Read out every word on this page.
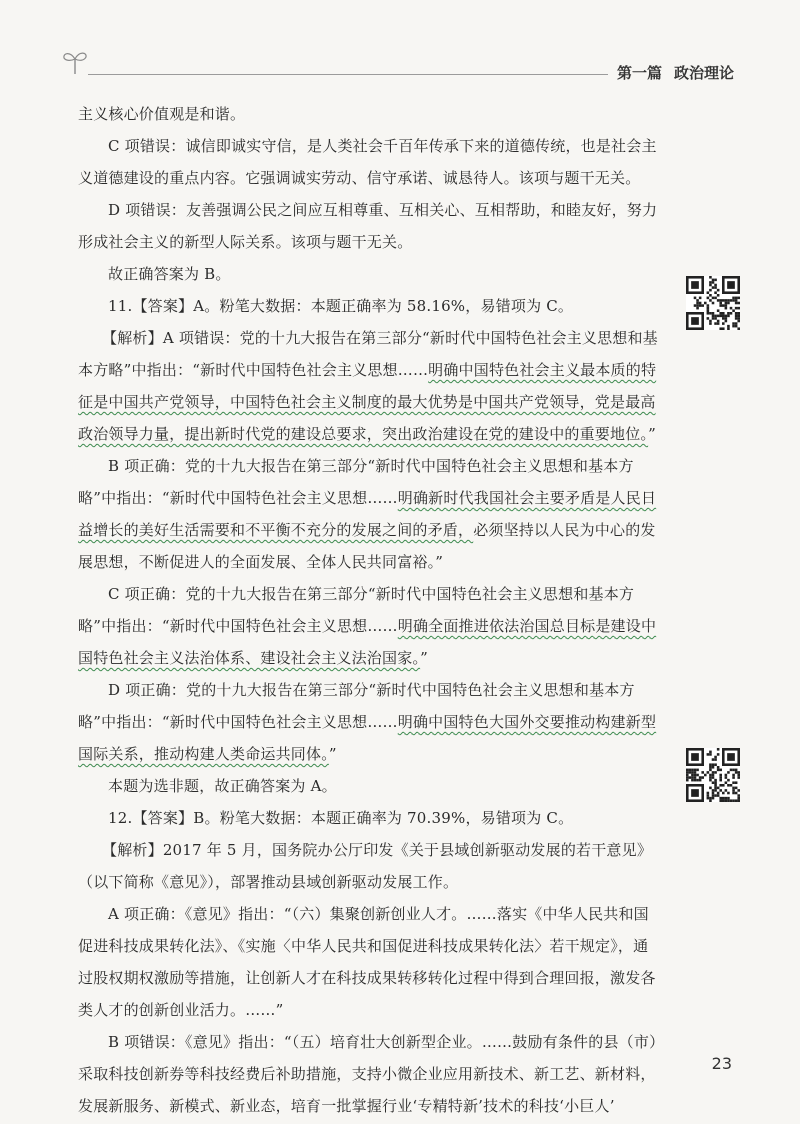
第一篇 政治理论

主义核心价值观是和谐。

C 项错误：诚信即诚实守信，是人类社会千百年传承下来的道德传统，也是社会主义道德建设的重点内容。它强调诚实劳动、信守承诺、诚恳待人。该项与题干无关。

D 项错误：友善强调公民之间应互相尊重、互相关心、互相帮助，和睦友好，努力形成社会主义的新型人际关系。该项与题干无关。

故正确答案为 B。

11.【答案】A。粉笔大数据：本题正确率为 58.16%，易错项为 C。

【解析】A 项错误：党的十九大报告在第三部分“新时代中国特色社会主义思想和基本方略”中指出：“新时代中国特色社会主义思想……明确中国特色社会主义最本质的特征是中国共产党领导，中国特色社会主义制度的最大优势是中国共产党领导，党是最高政治领导力量，提出新时代党的建设总要求，突出政治建设在党的建设中的重要地位。”

B 项正确：党的十九大报告在第三部分“新时代中国特色社会主义思想和基本方略”中指出：“新时代中国特色社会主义思想……明确新时代我国社会主要矛盾是人民日益增长的美好生活需要和不平衡不充分的发展之间的矛盾，必须坚持以人民为中心的发展思想，不断促进人的全面发展、全体人民共同富裕。”

C 项正确：党的十九大报告在第三部分“新时代中国特色社会主义思想和基本方略”中指出：“新时代中国特色社会主义思想……明确全面推进依法治国总目标是建设中国特色社会主义法治体系、建设社会主义法治国家。”

D 项正确：党的十九大报告在第三部分“新时代中国特色社会主义思想和基本方略”中指出：“新时代中国特色社会主义思想……明确中国特色大国外交要推动构建新型国际关系，推动构建人类命运共同体。”

本题为选非题，故正确答案为 A。

12.【答案】B。粉笔大数据：本题正确率为 70.39%，易错项为 C。

【解析】2017 年 5 月，国务院办公厅印发《关于县域创新驱动发展的若干意见》（以下简称《意见》），部署推动县域创新驱动发展工作。

A 项正确：《意见》指出：“（六）集聚创新创业人才。……落实《中华人民共和国促进科技成果转化法》、《实施〈中华人民共和国促进科技成果转化法〉若干规定》，通过股权期权激励等措施，让创新人才在科技成果转移转化过程中得到合理回报，激发各类人才的创新创业活力。……”

B 项错误：《意见》指出：“（五）培育壮大创新型企业。……鼓励有条件的县（市）采取科技创新券等科技经费后补助措施，支持小微企业应用新技术、新工艺、新材料，发展新服务、新模式、新业态，培育一批掌握行业‘专精特新’技术的科技‘小巨人’

23
